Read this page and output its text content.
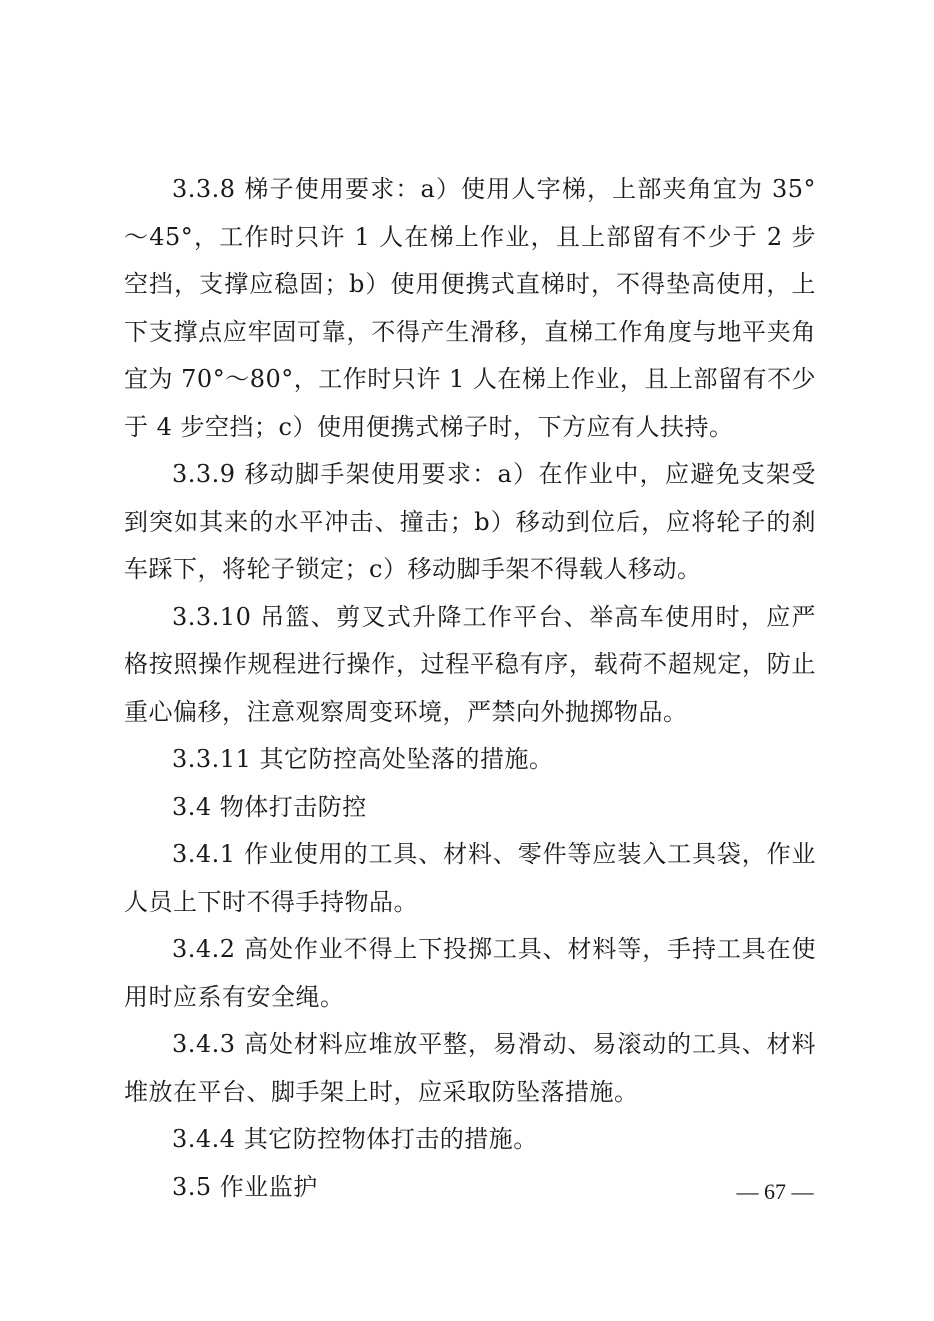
3.3.8 梯子使用要求：a）使用人字梯，上部夹角宜为 35°～45°，工作时只许 1 人在梯上作业，且上部留有不少于 2 步空挡，支撑应稳固；b）使用便携式直梯时，不得垫高使用，上下支撑点应牢固可靠，不得产生滑移，直梯工作角度与地平夹角宜为 70°～80°，工作时只许 1 人在梯上作业，且上部留有不少于 4 步空挡；c）使用便携式梯子时，下方应有人扶持。

3.3.9 移动脚手架使用要求：a）在作业中，应避免支架受到突如其来的水平冲击、撞击；b）移动到位后，应将轮子的刹车踩下，将轮子锁定；c）移动脚手架不得载人移动。

3.3.10 吊篮、剪叉式升降工作平台、举高车使用时，应严格按照操作规程进行操作，过程平稳有序，载荷不超规定，防止重心偏移，注意观察周变环境，严禁向外抛掷物品。

3.3.11 其它防控高处坠落的措施。

3.4 物体打击防控

3.4.1 作业使用的工具、材料、零件等应装入工具袋，作业人员上下时不得手持物品。

3.4.2 高处作业不得上下投掷工具、材料等，手持工具在使用时应系有安全绳。

3.4.3 高处材料应堆放平整，易滑动、易滚动的工具、材料堆放在平台、脚手架上时，应采取防坠落措施。

3.4.4 其它防控物体打击的措施。

3.5 作业监护	— 67 —
